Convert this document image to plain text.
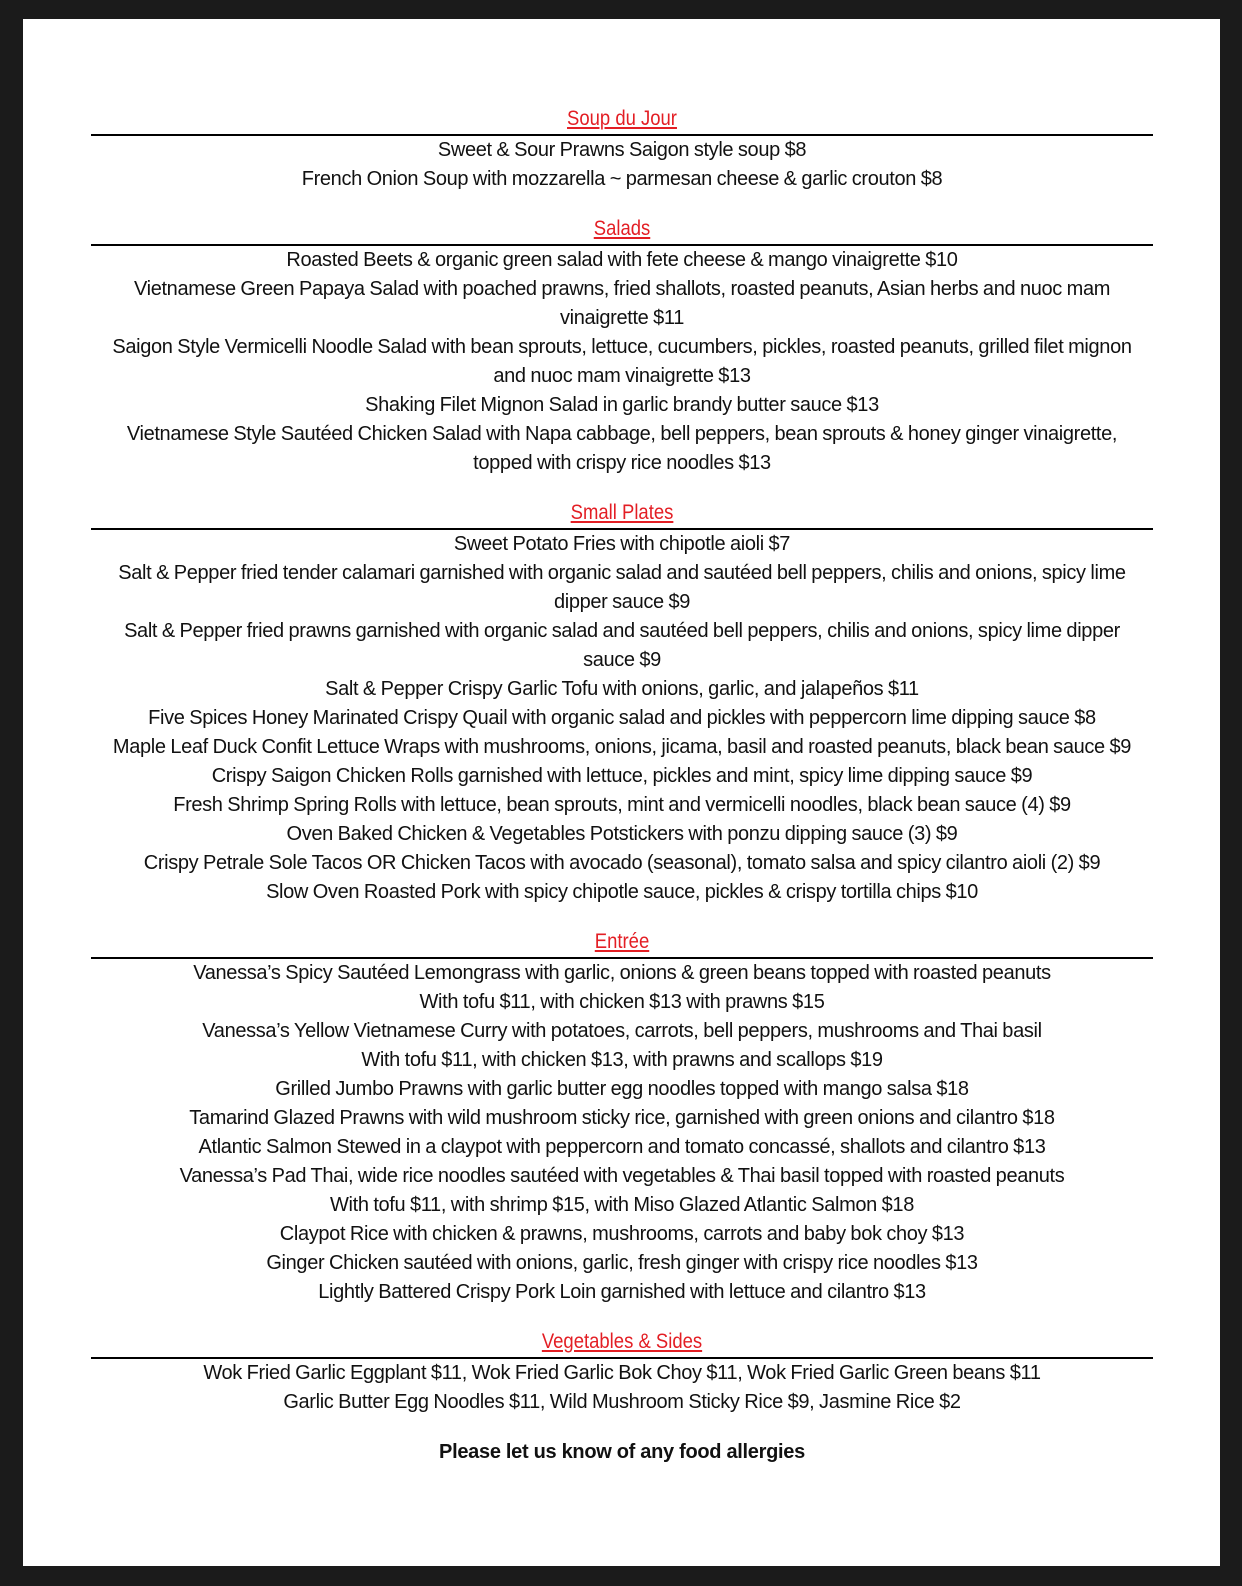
Soup du Jour
Sweet & Sour Prawns Saigon style soup $8
French Onion Soup with mozzarella ~ parmesan cheese & garlic crouton $8
Salads
Roasted Beets & organic green salad with fete cheese & mango vinaigrette $10
Vietnamese Green Papaya Salad with poached prawns, fried shallots, roasted peanuts, Asian herbs and nuoc mam vinaigrette $11
Saigon Style Vermicelli Noodle Salad with bean sprouts, lettuce, cucumbers, pickles, roasted peanuts, grilled filet mignon and nuoc mam vinaigrette $13
Shaking Filet Mignon Salad in garlic brandy butter sauce $13
Vietnamese Style Sautéed Chicken Salad with Napa cabbage, bell peppers, bean sprouts & honey ginger vinaigrette, topped with crispy rice noodles $13
Small Plates
Sweet Potato Fries with chipotle aioli $7
Salt & Pepper fried tender calamari garnished with organic salad and sautéed bell peppers, chilis and onions, spicy lime dipper sauce $9
Salt & Pepper fried prawns garnished with organic salad and sautéed bell peppers, chilis and onions, spicy lime dipper sauce $9
Salt & Pepper Crispy Garlic Tofu with onions, garlic, and jalapeños $11
Five Spices Honey Marinated Crispy Quail with organic salad and pickles with peppercorn lime dipping sauce $8
Maple Leaf Duck Confit Lettuce Wraps with mushrooms, onions, jicama, basil and roasted peanuts, black bean sauce $9
Crispy Saigon Chicken Rolls garnished with lettuce, pickles and mint, spicy lime dipping sauce $9
Fresh Shrimp Spring Rolls with lettuce, bean sprouts, mint and vermicelli noodles, black bean sauce (4) $9
Oven Baked Chicken & Vegetables Potstickers with ponzu dipping sauce (3) $9
Crispy Petrale Sole Tacos OR Chicken Tacos with avocado (seasonal), tomato salsa and spicy cilantro aioli (2) $9
Slow Oven Roasted Pork with spicy chipotle sauce, pickles & crispy tortilla chips $10
Entrée
Vanessa’s Spicy Sautéed Lemongrass with garlic, onions & green beans topped with roasted peanuts
With tofu $11, with chicken $13 with prawns $15
Vanessa’s Yellow Vietnamese Curry with potatoes, carrots, bell peppers, mushrooms and Thai basil
With tofu $11, with chicken $13, with prawns and scallops $19
Grilled Jumbo Prawns with garlic butter egg noodles topped with mango salsa $18
Tamarind Glazed Prawns with wild mushroom sticky rice, garnished with green onions and cilantro $18
Atlantic Salmon Stewed in a claypot with peppercorn and tomato concassé, shallots and cilantro $13
Vanessa’s Pad Thai, wide rice noodles sautéed with vegetables & Thai basil topped with roasted peanuts
With tofu $11, with shrimp $15, with Miso Glazed Atlantic Salmon $18
Claypot Rice with chicken & prawns, mushrooms, carrots and baby bok choy $13
Ginger Chicken sautéed with onions, garlic, fresh ginger with crispy rice noodles $13
Lightly Battered Crispy Pork Loin garnished with lettuce and cilantro $13
Vegetables & Sides
Wok Fried Garlic Eggplant $11, Wok Fried Garlic Bok Choy $11, Wok Fried Garlic Green beans $11
Garlic Butter Egg Noodles $11, Wild Mushroom Sticky Rice $9, Jasmine Rice $2
Please let us know of any food allergies
